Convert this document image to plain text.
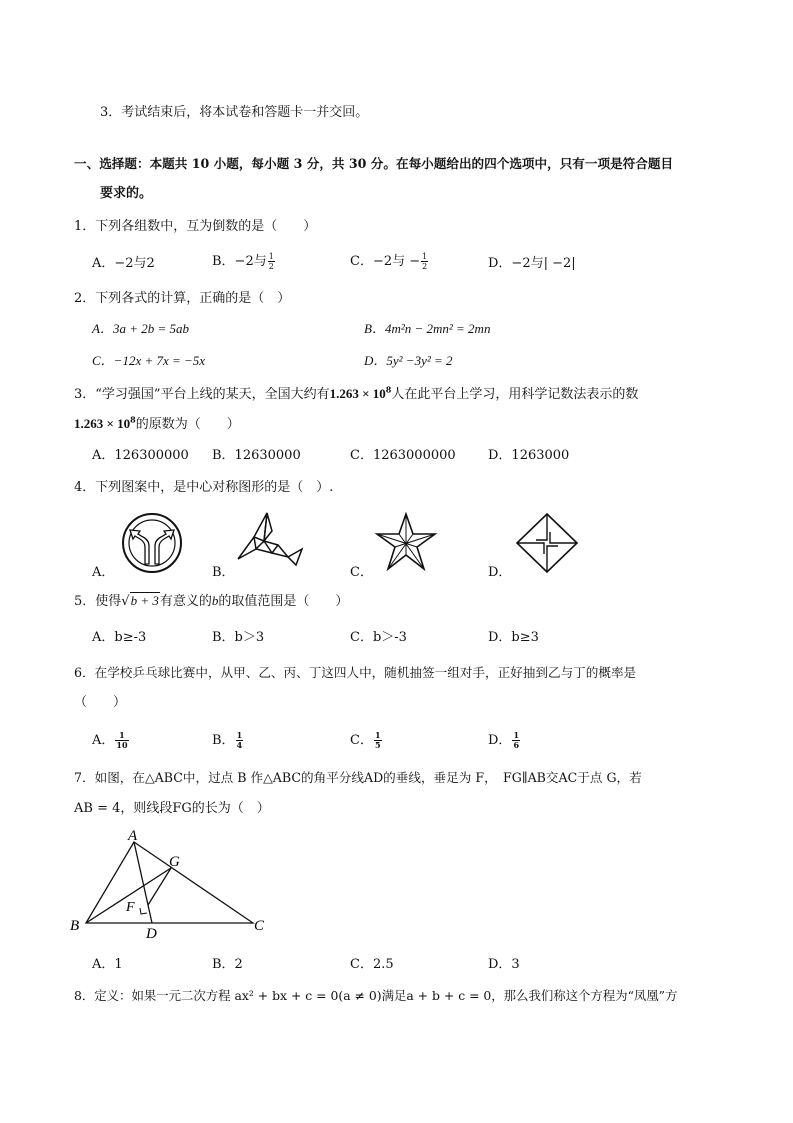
3．考试结束后，将本试卷和答题卡一并交回。
一、选择题：本题共 10 小题，每小题 3 分，共 30 分。在每小题给出的四个选项中，只有一项是符合题目
要求的。
1．下列各组数中，互为倒数的是（　　）
A．−2与2	B．−2与 $\frac{1}{2}$	C．−2与 − $\frac{1}{2}$	D．−2与| −2|
2．下列各式的计算，正确的是（　）
A．3a + 2b = 5ab	B．4m²n − 2mn² = 2mn
C．−12x + 7x = −5x	D．5y² −3y² = 2
3．“学习强国”平台上线的某天，全国大约有$1.263 \times 10^8$人在此平台上学习，用科学记数法表示的数
$1.263 \times 10^8$的原数为（　　）
A．126300000 B．12630000	C．1263000000 D．1263000
4．下列图案中，是中心对称图形的是（　）.
A．	B．	C．	D．
5．使得√b + 3有意义的b的取值范围是（　　）
A．b≥-3	B．b＞3	C．b＞-3	D．b≥3
6．在学校乒乓球比赛中，从甲、乙、丙、丁这四人中，随机抽签一组对手，正好抽到乙与丁的概率是
（　　）
A． $\frac{1}{10}$	B． $\frac{1}{4}$	C． $\frac{1}{5}$	D． $\frac{1}{6}$
7．如图，在△ABC中，过点 B 作△ABC的角平分线AD的垂线，垂足为 F，　FG∥AB交AC于点 G，若
AB = 4，则线段FG的长为（　）
A
B	C
D
F
G
A．1	B．2	C．2.5	D．3
8．定义：如果一元二次方程 ax² + bx + c = 0(a ≠ 0)满足a + b + c = 0，那么我们称这个方程为“凤凰”方
